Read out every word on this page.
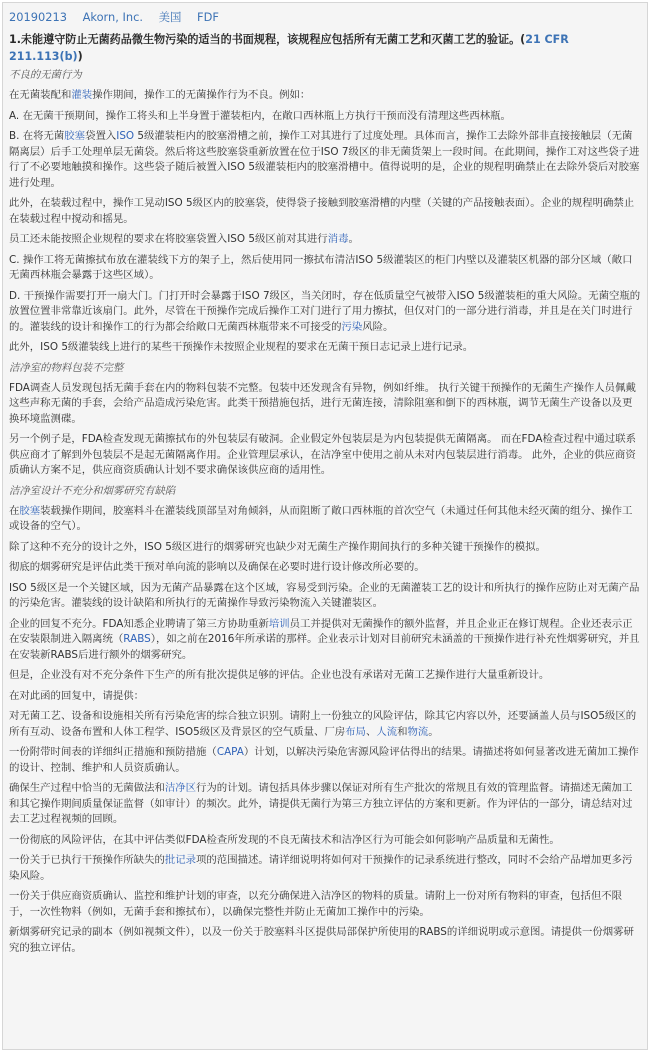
20190213 Akorn, Inc. 美国 FDF
1.未能遵守防止无菌药品微生物污染的适当的书面规程，该规程应包括所有无菌工艺和灭菌工艺的验证。(21 CFR 211.113(b))
不良的无菌行为
在无菌装配和灌装操作期间，操作工的无菌操作行为不良。例如：
A. 在无菌干预期间，操作工将头和上半身置于灌装柜内，在敞口西林瓶上方执行干预而没有清理这些西林瓶。
B. 在将无菌胶塞袋置入ISO 5级灌装柜内的胶塞滑槽之前，操作工对其进行了过度处理。具体而言，操作工去除外部非直接接触层（无菌隔离层）后手工处理单层无菌袋。然后将这些胶塞袋重新放置在位于ISO 7级区的非无菌货架上一段时间。在此期间，操作工对这些袋子进行了不必要地触摸和操作。这些袋子随后被置入ISO 5级灌装柜内的胶塞滑槽中。值得说明的是，企业的规程明确禁止在去除外袋后对胶塞进行处理。
此外，在装载过程中，操作工晃动ISO 5级区内的胶塞袋，使得袋子接触到胶塞滑槽的内壁（关键的产品接触表面）。企业的规程明确禁止在装载过程中搅动和摇晃。
员工还未能按照企业规程的要求在将胶塞袋置入ISO 5级区前对其进行消毒。
C. 操作工将无菌擦拭布放在灌装线下方的架子上，然后使用同一擦拭布清洁ISO 5级灌装区的柜门内壁以及灌装区机器的部分区域（敞口无菌西林瓶会暴露于这些区域）。
D. 干预操作需要打开一扇大门。门打开时会暴露于ISO 7级区，当关闭时，存在低质量空气被带入ISO 5级灌装柜的重大风险。无菌空瓶的放置位置非常靠近该扇门。此外，尽管在干预操作完成后操作工对门进行了用力擦拭，但仅对门的一部分进行消毒，并且是在关门时进行的。灌装线的设计和操作工的行为都会给敞口无菌西林瓶带来不可接受的污染风险。
此外，ISO 5级灌装线上进行的某些干预操作未按照企业规程的要求在无菌干预日志记录上进行记录。
洁净室的物料包装不完整
FDA调查人员发现包括无菌手套在内的物料包装不完整。包装中还发现含有异物，例如纤维。 执行关键干预操作的无菌生产操作人员佩戴这些声称无菌的手套，会给产品造成污染危害。此类干预措施包括，进行无菌连接，清除阻塞和倒下的西林瓶，调节无菌生产设备以及更换环境监测碟。
另一个例子是，FDA检查发现无菌擦拭布的外包装层有破洞。企业假定外包装层是为内包装提供无菌隔离。 而在FDA检查过程中通过联系供应商才了解到外包装层不是起无菌隔离作用。企业管理层承认，在洁净室中使用之前从未对内包装层进行消毒。 此外，企业的供应商资质确认方案不足，供应商资质确认计划不要求确保该供应商的适用性。
洁净室设计不充分和烟雾研究有缺陷
在胶塞装载操作期间，胶塞料斗在灌装线顶部呈对角倾斜，从而阻断了敞口西林瓶的首次空气（未通过任何其他未经灭菌的组分、操作工或设备的空气）。
除了这种不充分的设计之外，ISO 5级区进行的烟雾研究也缺少对无菌生产操作期间执行的多种关键干预操作的模拟。
彻底的烟雾研究是评估此类干预对单向流的影响以及确保在必要时进行设计修改所必要的。
ISO 5级区是一个关键区域，因为无菌产品暴露在这个区域，容易受到污染。企业的无菌灌装工艺的设计和所执行的操作应防止对无菌产品的污染危害。灌装线的设计缺陷和所执行的无菌操作导致污染物流入关键灌装区。
企业的回复不充分。FDA知悉企业聘请了第三方协助重新培训员工并提供对无菌操作的额外监督，并且企业正在修订规程。企业还表示正在安装限制进入隔离统（RABS），如之前在2016年所承诺的那样。企业表示计划对目前研究未涵盖的干预操作进行补充性烟雾研究，并且在安装新RABS后进行额外的烟雾研究。
但是，企业没有对不充分条件下生产的所有批次提供足够的评估。企业也没有承诺对无菌工艺操作进行大量重新设计。
在对此函的回复中，请提供：
对无菌工艺、设备和设施相关所有污染危害的综合独立识别。请附上一份独立的风险评估，除其它内容以外，还要涵盖人员与ISO5级区的所有互动、设备布置和人体工程学、ISO5级区及背景区的空气质量、厂房布局、人流和物流。
一份附带时间表的详细纠正措施和预防措施（CAPA）计划，以解决污染危害源风险评估得出的结果。请描述将如何显著改进无菌加工操作的设计、控制、维护和人员资质确认。
确保生产过程中恰当的无菌做法和洁净区行为的计划。请包括具体步骤以保证对所有生产批次的常规且有效的管理监督。请描述无菌加工和其它操作期间质量保证监督（如审计）的频次。此外，请提供无菌行为第三方独立评估的方案和更新。作为评估的一部分，请总结对过去工艺过程视频的回顾。
一份彻底的风险评估，在其中评估类似FDA检查所发现的不良无菌技术和洁净区行为可能会如何影响产品质量和无菌性。
一份关于已执行干预操作所缺失的批记录项的范围描述。请详细说明将如何对干预操作的记录系统进行整改，同时不会给产品增加更多污染风险。
一份关于供应商资质确认、监控和维护计划的审查，以充分确保进入洁净区的物料的质量。请附上一份对所有物料的审查，包括但不限于，一次性物料（例如，无菌手套和擦拭布），以确保完整性并防止无菌加工操作中的污染。
新烟雾研究记录的副本（例如视频文件），以及一份关于胶塞料斗区提供局部保护所使用的RABS的详细说明或示意图。请提供一份烟雾研究的独立评估。
